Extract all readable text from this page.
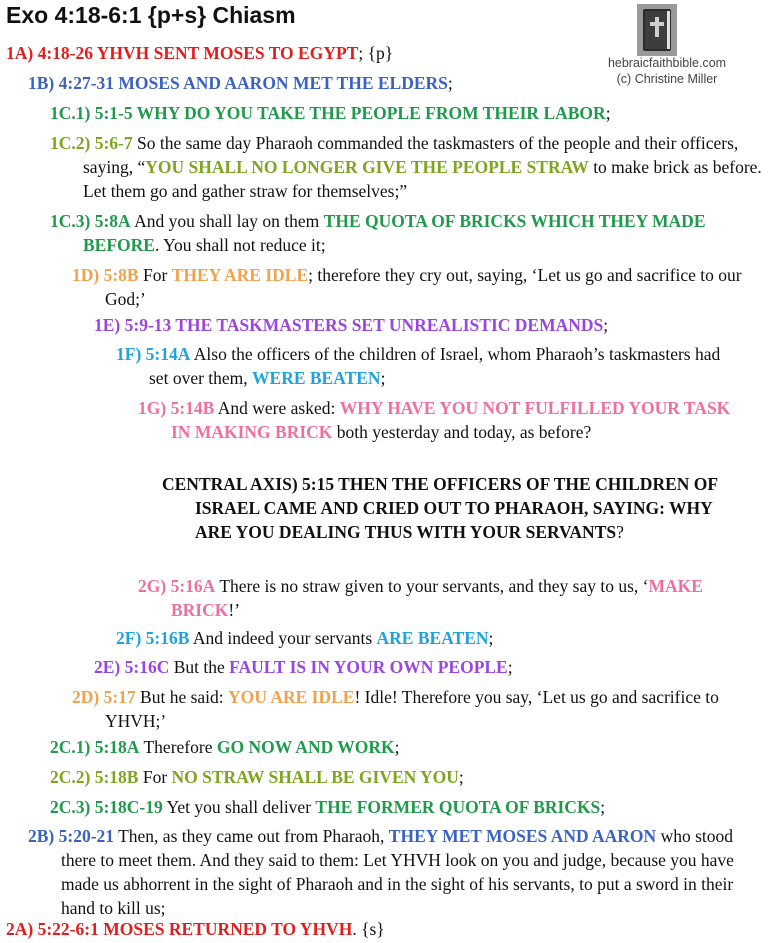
Exo 4:18-6:1 {p+s} Chiasm
hebraicfaithbible.com
(c) Christine Miller
1A) 4:18-26 YHVH SENT MOSES TO EGYPT; {p}
1B) 4:27-31 MOSES AND AARON MET THE ELDERS;
1C.1) 5:1-5 WHY DO YOU TAKE THE PEOPLE FROM THEIR LABOR;
1C.2) 5:6-7 So the same day Pharaoh commanded the taskmasters of the people and their officers, saying, “YOU SHALL NO LONGER GIVE THE PEOPLE STRAW to make brick as before. Let them go and gather straw for themselves;”
1C.3) 5:8A And you shall lay on them THE QUOTA OF BRICKS WHICH THEY MADE BEFORE. You shall not reduce it;
1D) 5:8B For THEY ARE IDLE; therefore they cry out, saying, ‘Let us go and sacrifice to our God;’
1E) 5:9-13 THE TASKMASTERS SET UNREALISTIC DEMANDS;
1F) 5:14A Also the officers of the children of Israel, whom Pharaoh’s taskmasters had set over them, WERE BEATEN;
1G) 5:14B And were asked: WHY HAVE YOU NOT FULFILLED YOUR TASK IN MAKING BRICK both yesterday and today, as before?
CENTRAL AXIS) 5:15 THEN THE OFFICERS OF THE CHILDREN OF ISRAEL CAME AND CRIED OUT TO PHARAOH, SAYING: WHY ARE YOU DEALING THUS WITH YOUR SERVANTS?
2G) 5:16A There is no straw given to your servants, and they say to us, ‘MAKE BRICK!’
2F) 5:16B And indeed your servants ARE BEATEN;
2E) 5:16C But the FAULT IS IN YOUR OWN PEOPLE;
2D) 5:17 But he said: YOU ARE IDLE! Idle! Therefore you say, ‘Let us go and sacrifice to YHVH;’
2C.1) 5:18A Therefore GO NOW AND WORK;
2C.2) 5:18B For NO STRAW SHALL BE GIVEN YOU;
2C.3) 5:18C-19 Yet you shall deliver THE FORMER QUOTA OF BRICKS;
2B) 5:20-21 Then, as they came out from Pharaoh, THEY MET MOSES AND AARON who stood there to meet them. And they said to them: Let YHVH look on you and judge, because you have made us abhorrent in the sight of Pharaoh and in the sight of his servants, to put a sword in their hand to kill us;
2A) 5:22-6:1 MOSES RETURNED TO YHVH. {s}
